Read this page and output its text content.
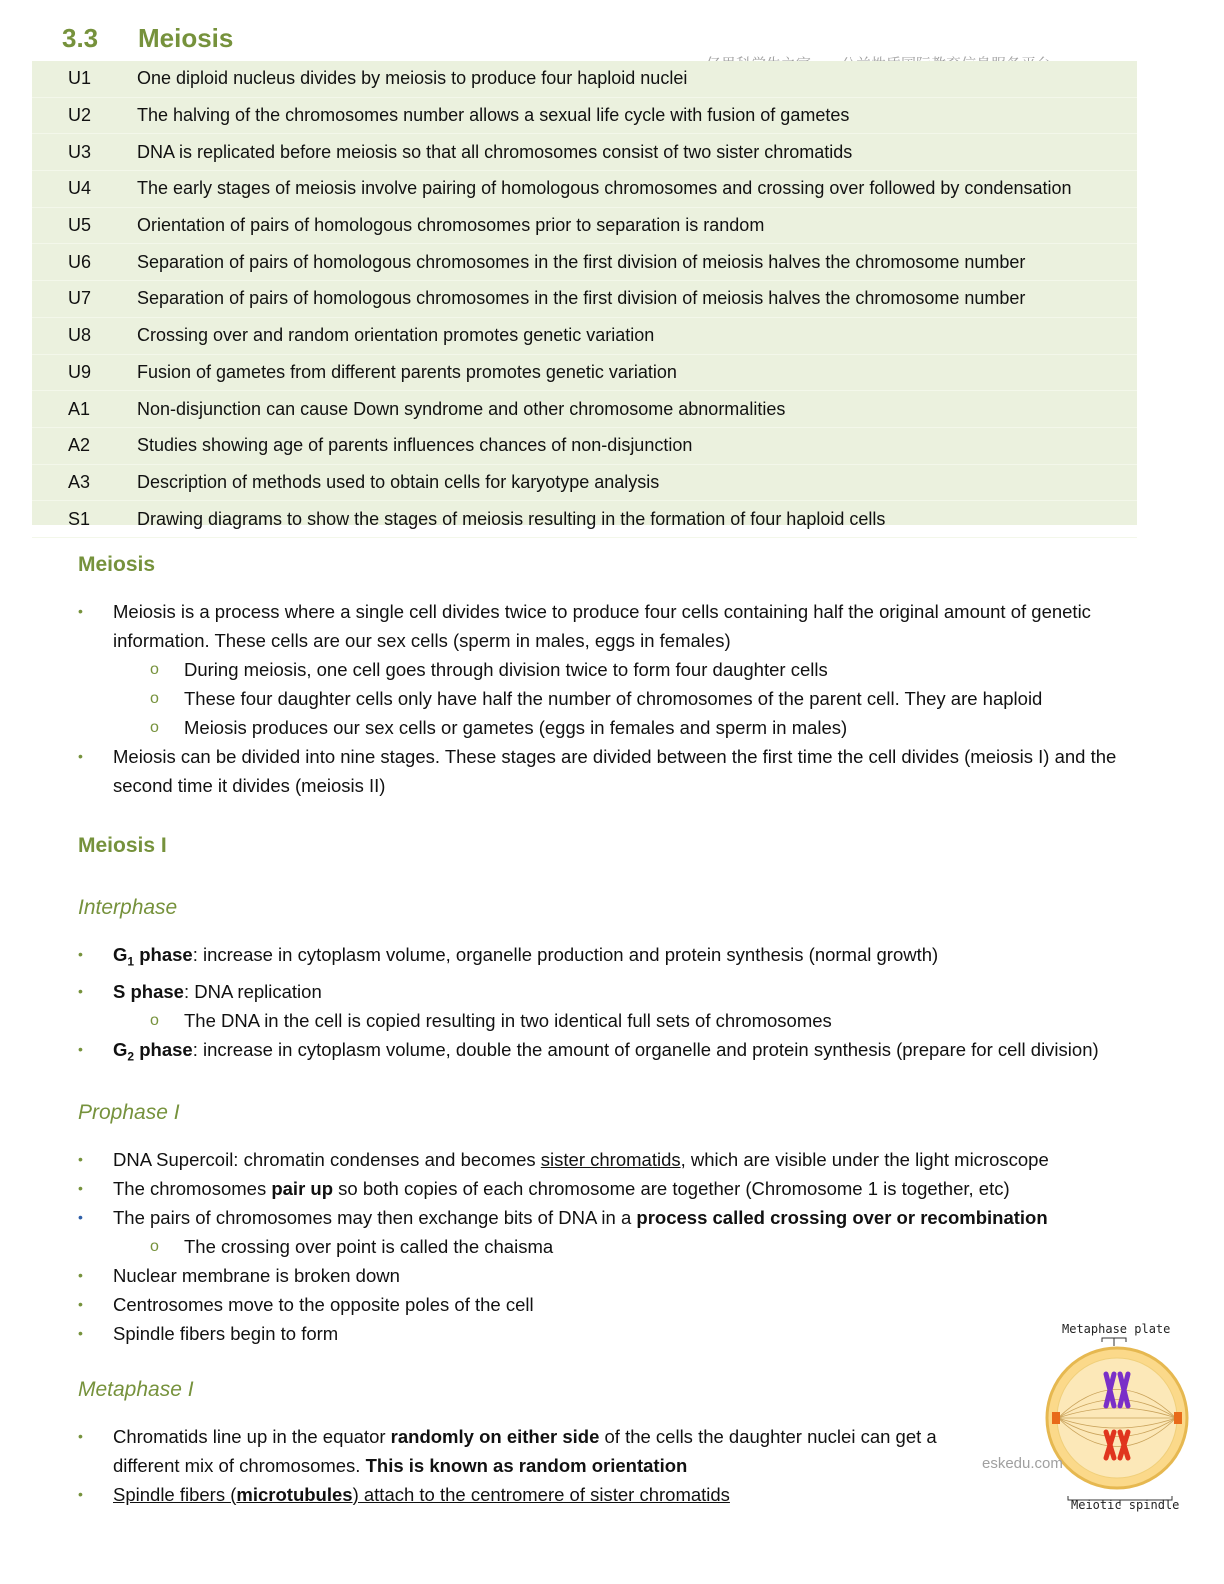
3.3	Meiosis
U1	One diploid nucleus divides by meiosis to produce four haploid nuclei
U2	The halving of the chromosomes number allows a sexual life cycle with fusion of gametes
U3	DNA is replicated before meiosis so that all chromosomes consist of two sister chromatids
U4	The early stages of meiosis involve pairing of homologous chromosomes and crossing over followed by condensation
U5	Orientation of pairs of homologous chromosomes prior to separation is random
U6	Separation of pairs of homologous chromosomes in the first division of meiosis halves the chromosome number
U7	Separation of pairs of homologous chromosomes in the first division of meiosis halves the chromosome number
U8	Crossing over and random orientation promotes genetic variation
U9	Fusion of gametes from different parents promotes genetic variation
A1	Non-disjunction can cause Down syndrome and other chromosome abnormalities
A2	Studies showing age of parents influences chances of non-disjunction
A3	Description of methods used to obtain cells for karyotype analysis
S1	Drawing diagrams to show the stages of meiosis resulting in the formation of four haploid cells
Meiosis
• Meiosis is a process where a single cell divides twice to produce four cells containing half the original amount of genetic information. These cells are our sex cells (sperm in males, eggs in females)
o During meiosis, one cell goes through division twice to form four daughter cells
o These four daughter cells only have half the number of chromosomes of the parent cell. They are haploid
o Meiosis produces our sex cells or gametes (eggs in females and sperm in males)
• Meiosis can be divided into nine stages. These stages are divided between the first time the cell divides (meiosis I) and the second time it divides (meiosis II)
Meiosis I
Interphase
• $G_1$ phase: increase in cytoplasm volume, organelle production and protein synthesis (normal growth)
• S phase: DNA replication
o The DNA in the cell is copied resulting in two identical full sets of chromosomes
• $G_2$ phase: increase in cytoplasm volume, double the amount of organelle and protein synthesis (prepare for cell division)
Prophase I
• DNA Supercoil: chromatin condenses and becomes sister chromatids, which are visible under the light microscope
• The chromosomes pair up so both copies of each chromosome are together (Chromosome 1 is together, etc)
• The pairs of chromosomes may then exchange bits of DNA in a process called crossing over or recombination
o The crossing over point is called the chaisma
• Nuclear membrane is broken down
• Centrosomes move to the opposite poles of the cell
• Spindle fibers begin to form
Metaphase I
• Chromatids line up in the equator randomly on either side of the cells the daughter nuclei can get a different mix of chromosomes. This is known as random orientation
• Spindle fibers (microtubules) attach to the centromere of sister chromatids
Metaphase plate
Meiotic spindle
eskedu.com
